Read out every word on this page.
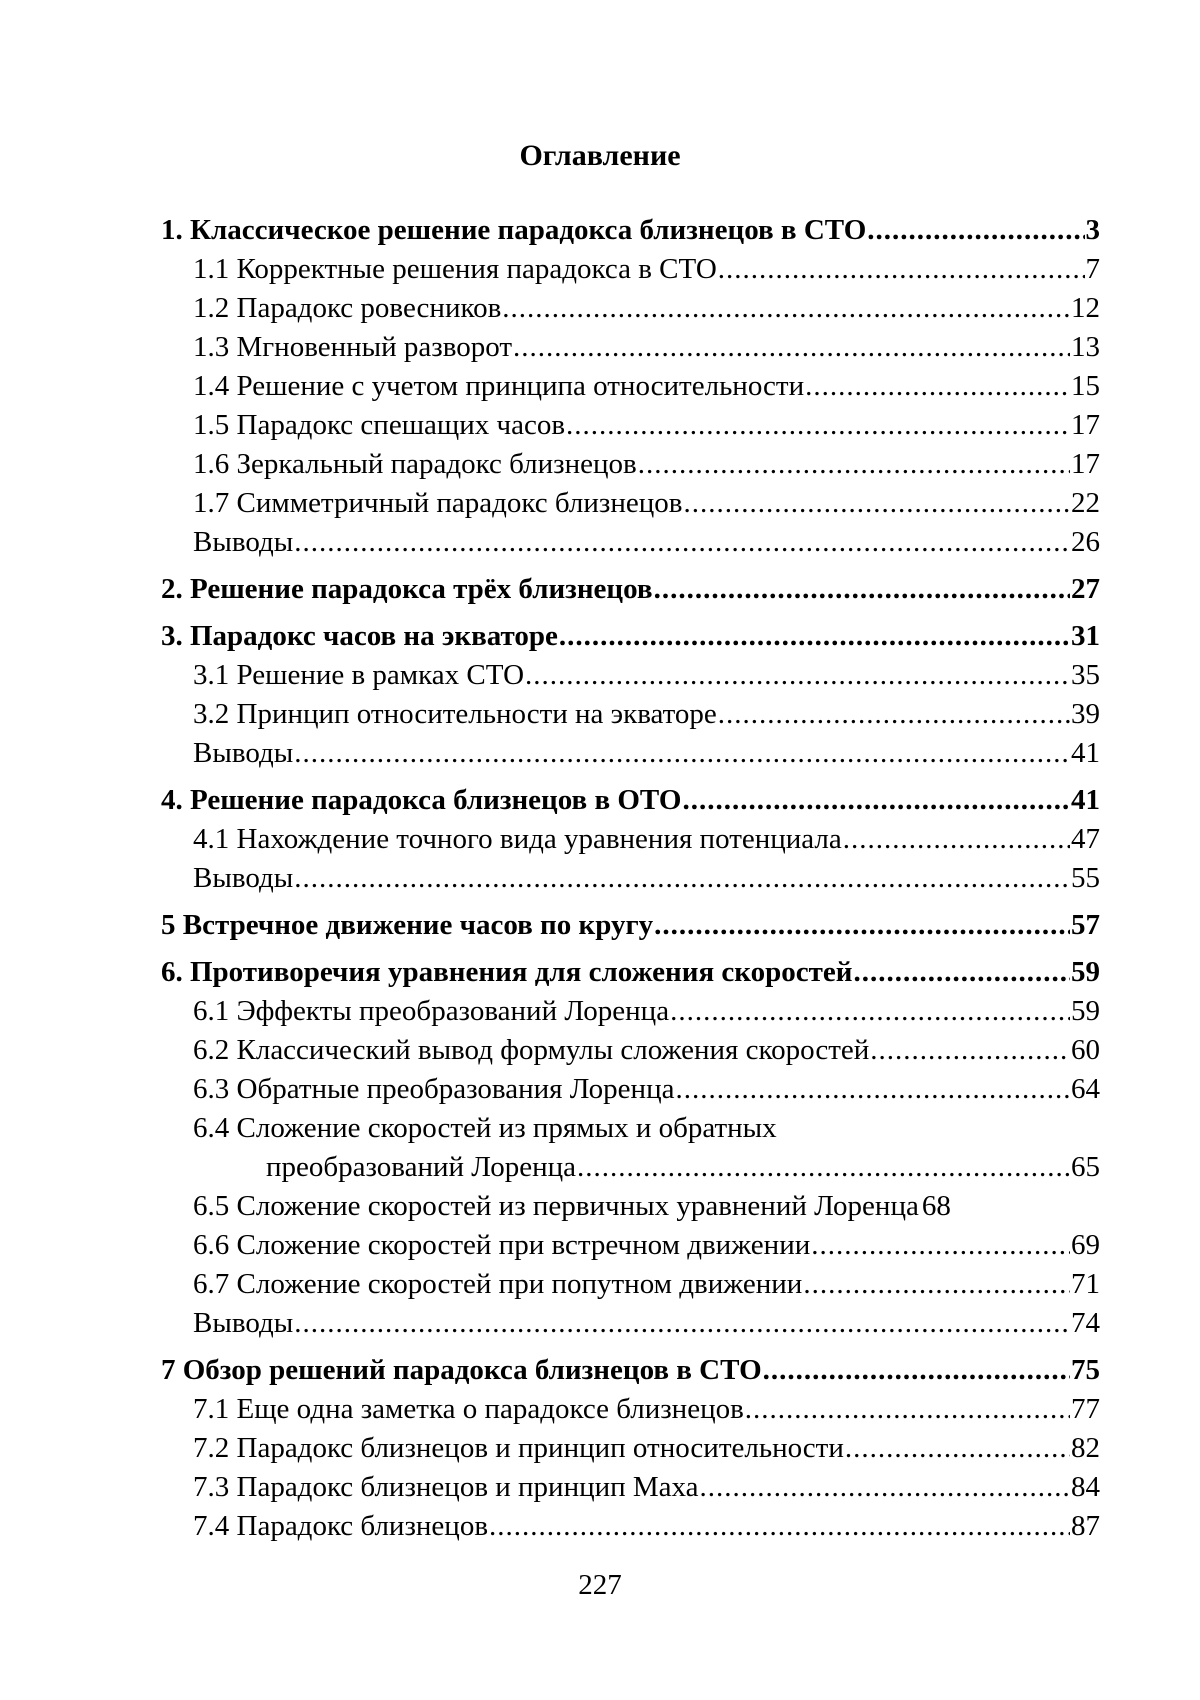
Оглавление
1. Классическое решение парадокса близнецов в СТО .....	3
1.1 Корректные решения парадокса в СТО .....	7
1.2 Парадокс ровесников .....	12
1.3 Мгновенный разворот .....	13
1.4 Решение с учетом принципа относительности .....	15
1.5 Парадокс спешащих часов .....	17
1.6 Зеркальный парадокс близнецов .....	17
1.7 Симметричный парадокс близнецов .....	22
Выводы .....	26
2. Решение парадокса трёх близнецов .....	27
3. Парадокс часов на экваторе .....	31
3.1 Решение в рамках СТО .....	35
3.2 Принцип относительности на экваторе .....	39
Выводы .....	41
4. Решение парадокса близнецов в ОТО .....	41
4.1 Нахождение точного вида уравнения потенциала .....	47
Выводы .....	55
5 Встречное движение часов по кругу .....	57
6. Противоречия уравнения для сложения скоростей .....	59
6.1 Эффекты преобразований Лоренца .....	59
6.2 Классический вывод формулы сложения скоростей .....	60
6.3 Обратные преобразования Лоренца .....	64
6.4 Сложение скоростей из прямых и обратных
преобразований Лоренца .....	65
6.5 Сложение скоростей из первичных уравнений Лоренца 68
6.6 Сложение скоростей при встречном движении .....	69
6.7 Сложение скоростей при попутном движении .....	71
Выводы .....	74
7 Обзор решений парадокса близнецов в СТО .....	75
7.1 Еще одна заметка о парадоксе близнецов .....	77
7.2 Парадокс близнецов и принцип относительности .....	82
7.3 Парадокс близнецов и принцип Маха .....	84
7.4 Парадокс близнецов .....	87
227
